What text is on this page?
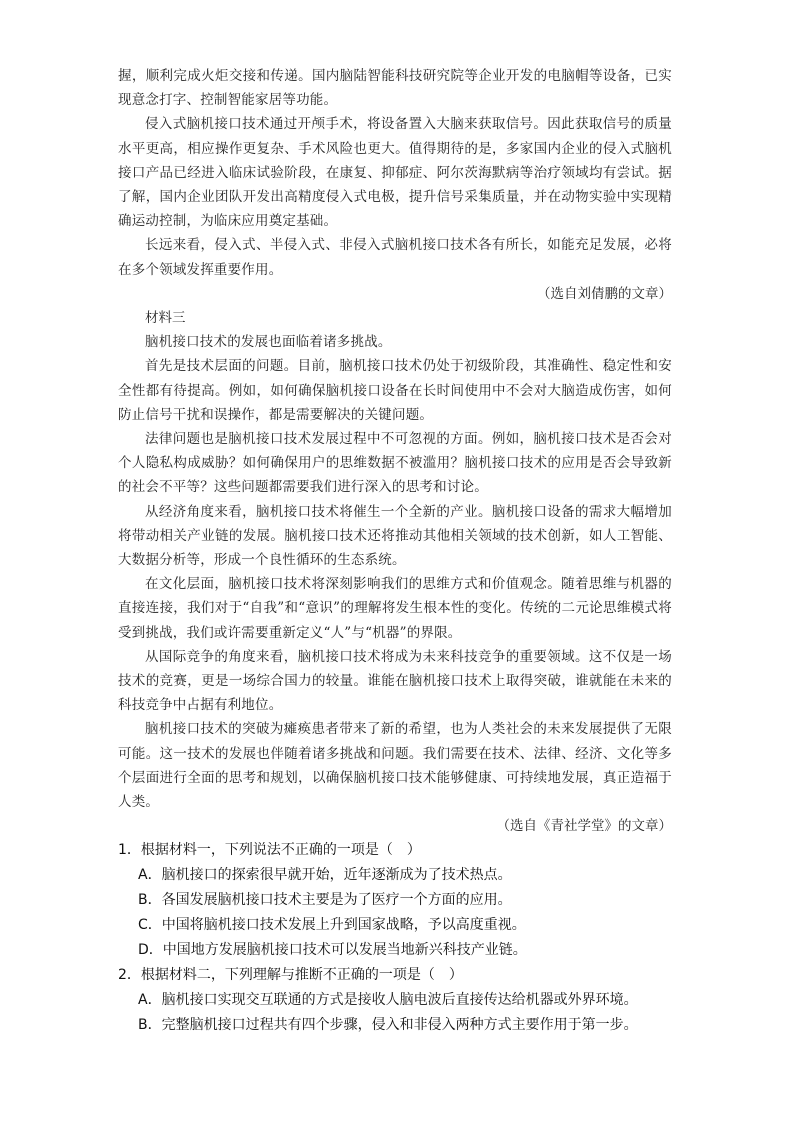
握，顺利完成火炬交接和传递。国内脑陆智能科技研究院等企业开发的电脑帽等设备，已实现意念打字、控制智能家居等功能。

侵入式脑机接口技术通过开颅手术，将设备置入大脑来获取信号。因此获取信号的质量水平更高，相应操作更复杂、手术风险也更大。值得期待的是，多家国内企业的侵入式脑机接口产品已经进入临床试验阶段，在康复、抑郁症、阿尔茨海默病等治疗领域均有尝试。据了解，国内企业团队开发出高精度侵入式电极，提升信号采集质量，并在动物实验中实现精确运动控制，为临床应用奠定基础。

长远来看，侵入式、半侵入式、非侵入式脑机接口技术各有所长，如能充足发展，必将在多个领域发挥重要作用。

（选自刘倩鹏的文章）

材料三

脑机接口技术的发展也面临着诸多挑战。

首先是技术层面的问题。目前，脑机接口技术仍处于初级阶段，其准确性、稳定性和安全性都有待提高。例如，如何确保脑机接口设备在长时间使用中不会对大脑造成伤害，如何防止信号干扰和误操作，都是需要解决的关键问题。

法律问题也是脑机接口技术发展过程中不可忽视的方面。例如，脑机接口技术是否会对个人隐私构成威胁？如何确保用户的思维数据不被滥用？脑机接口技术的应用是否会导致新的社会不平等？这些问题都需要我们进行深入的思考和讨论。

从经济角度来看，脑机接口技术将催生一个全新的产业。脑机接口设备的需求大幅增加将带动相关产业链的发展。脑机接口技术还将推动其他相关领域的技术创新，如人工智能、大数据分析等，形成一个良性循环的生态系统。

在文化层面，脑机接口技术将深刻影响我们的思维方式和价值观念。随着思维与机器的直接连接，我们对于“自我”和“意识”的理解将发生根本性的变化。传统的二元论思维模式将受到挑战，我们或许需要重新定义“人”与“机器”的界限。

从国际竞争的角度来看，脑机接口技术将成为未来科技竞争的重要领域。这不仅是一场技术的竞赛，更是一场综合国力的较量。谁能在脑机接口技术上取得突破，谁就能在未来的科技竞争中占据有利地位。

脑机接口技术的突破为瘫痪患者带来了新的希望，也为人类社会的未来发展提供了无限可能。这一技术的发展也伴随着诸多挑战和问题。我们需要在技术、法律、经济、文化等多个层面进行全面的思考和规划，以确保脑机接口技术能够健康、可持续地发展，真正造福于人类。

（选自《青社学堂》的文章）

1．根据材料一，下列说法不正确的一项是（　）

A．脑机接口的探索很早就开始，近年逐渐成为了技术热点。

B．各国发展脑机接口技术主要是为了医疗一个方面的应用。

C．中国将脑机接口技术发展上升到国家战略，予以高度重视。

D．中国地方发展脑机接口技术可以发展当地新兴科技产业链。

2．根据材料二，下列理解与推断不正确的一项是（　）

A．脑机接口实现交互联通的方式是接收人脑电波后直接传达给机器或外界环境。

B．完整脑机接口过程共有四个步骤，侵入和非侵入两种方式主要作用于第一步。
